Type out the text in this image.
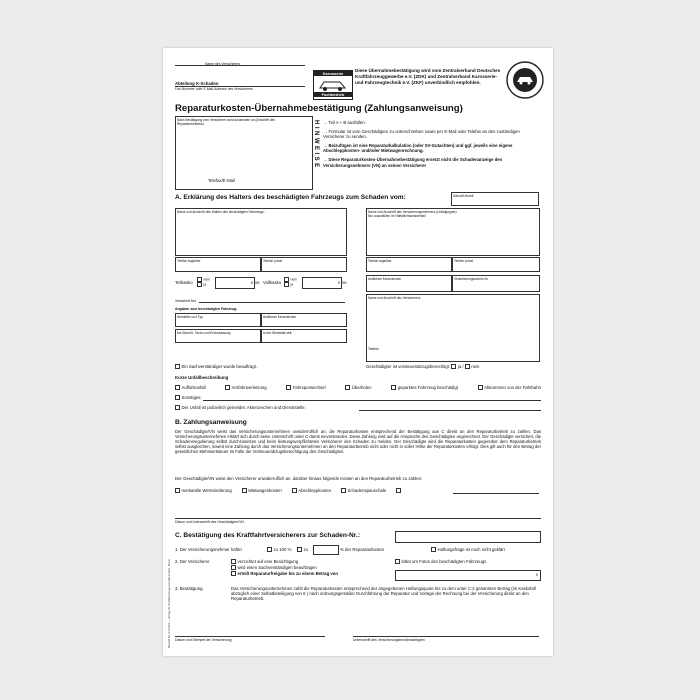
Bestell-Nr. 01/3110 – Verlag für Kraftfahrzeug-Handel GmbH, Bonn
Name des Versicherers
Abteilung K-Schaden
Fax-Nummer oder E-Mail-Adresse des Versicherers
Karosserie
Fachbetrieb
Diese Übernahmebestätigung wird vom Zentralverband Deutsches Kraftfahrzeuggewerbe e.V. (ZDK) und Zentralverband Karosserie- und Fahrzeugtechnik e.V. (ZKF) unverbindlich empfohlen.
Reparaturkosten-Übernahmebestätigung (Zahlungsanweisung)
Nach Bestätigung vom Versicherer zurückzusenden an (Anschrift des Reparaturbetriebs):
Telefax/E-Mail
HINWEISE → Teil A + B ausfüllen.
→ Formular ist vom Geschädigten zu unterschreiben sowie per E-Mail oder Telefax an den zuständigen Versicherer zu senden.
→ Beizufügen ist eine Reparaturkalkulation (oder SV-Gutachten) und ggf. jeweils eine eigene Abschleppkosten- und/oder Mietwagenrechnung.
→ Diese Reparaturkosten-Übernahmebestätigung ersetzt nicht die Schadenanzeige des Versicherungsnehmers (VN) an seinen Versicherer
A. Erklärung des Halters des beschädigten Fahrzeugs zum Schaden vom:	Datum/Uhrzeit
Name und Anschrift des Halters des beschädigten Fahrzeugs:	Name und Anschrift des Versicherungsnehmers (Unfallgegner):
Nur auszufüllen im Haftpflichtschadenfall
Telefon tagsüber	Telefon privat	Telefon tagsüber	Telefon privat
Teilkasko
nein
ja	€ SB Vollkasko
nein
ja	€ SB
Amtliches Kennzeichen	Versicherungsschein-Nr.
Versichert bei:
Angaben zum beschädigten Fahrzeug:
Hersteller und Typ	Amtliches Kennzeichen
km-Stand lt. Tacho und Erstzulassung	In der Werkstatt seit:
Name und Anschrift des Versicherers
Telefon
Ein Sachverständiger wurde beauftragt.	Geschädigter ist vorsteuerabzugsberechtigt: ja / nein
Kurze Unfallbeschreibung
Auffahrunfall	Vorfahrtverletzung	Fahrspurwechsel	Überholen	geparktes Fahrzeug beschädigt	Abkommen von der Fahrbahn
Sonstiges:
Der Unfall ist polizeilich gemeldet. Aktenzeichen und Dienststelle:
B. Zahlungsanweisung
Der Geschädigte/VN weist das Versicherungsunternehmen unwiderruflich an, die Reparaturkosten entsprechend der Bestätigung aus C direkt an den Reparaturbetrieb zu zahlen. Das Versicherungsunternehmen erklärt sich durch seine Unterschrift unter C damit einverstanden. Diese Zahlung wird auf die Ansprüche des Geschädigten angerechnet. Der Geschädigte versichert, die Schadensregulierung selbst durchzusetzen und beim leistungsverpflichteten Versicherer den Schaden zu melden. Der Geschädigte wird die Reparaturkosten gegenüber dem Reparaturbetrieb selbst ausgleichen, soweit eine Zahlung durch das Versicherungsunternehmen an den Reparaturbetrieb nicht oder nicht in voller Höhe der Reparaturkosten erfolgt. Dies gilt auch für den Betrag der gesetzlichen Mehrwertsteuer im Falle der Vorsteuerabzugsberechtigung des Geschädigten.
Der Geschädigte/VN weist den Versicherer unwiderruflich an, darüber hinaus folgende Kosten an den Reparaturbetrieb zu zahlen:
merkantile Wertminderung	Mietwagenkosten	Abschleppkosten	Schadenspauschale
Datum und Unterschrift des Geschädigten/VN
C. Bestätigung des Kraftfahrtversicherers zur Schaden-Nr.:
1. Der Versicherungsnehmer haftet	zu 100 %	zu	% der Reparaturkosten	Haftungsfrage ist noch nicht geklärt
2. Der Versicherer	verzichtet auf eine Besichtigung
wird einen Sachverständigen beauftragen
erteilt Reparaturfreigabe bis zu einem Betrag von
bittet um Fotos des beschädigten Fahrzeugs
€
3. Bestätigung	Das Versicherungsunternehmen zahlt die Reparaturkosten entsprechend der angegebenen Haftungsquote bis zu dem unter C.2 genannten Betrag (im Kaskofall abzüglich einer Selbstbeteiligung von € ) nach ordnungsgemäßer Durchführung der Reparatur und Vorlage der Rechnung bei der Versicherung direkt an den Reparaturbetrieb.
Datum und Stempel der Versicherung	Unterschrift des Versicherungsbevollmächtigten
